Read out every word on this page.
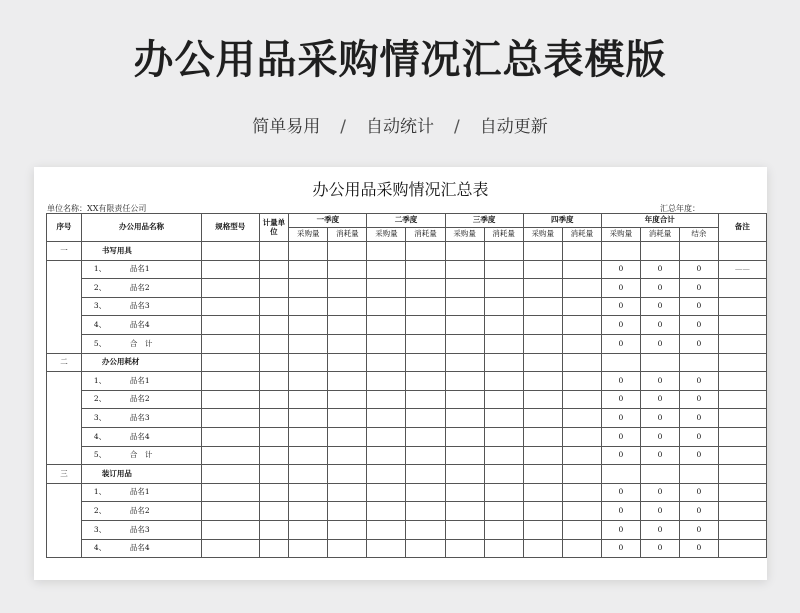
办公用品采购情况汇总表模版
简单易用 / 自动统计 / 自动更新
办公用品采购情况汇总表
单位名称：XX有限责任公司	汇总年度：
序号	办公用品名称	规格型号	计量单位	一季度		二季度		三季度		四季度		年度合计			备注
				采购量	消耗量	采购量	消耗量	采购量	消耗量	采购量	消耗量	采购量	消耗量	结余	
一	书写用具														
	1、 品名1											0	0	0	——
	2、 品名2											0	0	0	
	3、 品名3											0	0	0	
	4、 品名4											0	0	0	
	5、 合　计											0	0	0	
二	办公用耗材														
	1、 品名1											0	0	0	
	2、 品名2											0	0	0	
	3、 品名3											0	0	0	
	4、 品名4											0	0	0	
	5、 合　计											0	0	0	
三	装订用品														
	1、 品名1											0	0	0	
	2、 品名2											0	0	0	
	3、 品名3											0	0	0	
	4、 品名4											0	0	0	
